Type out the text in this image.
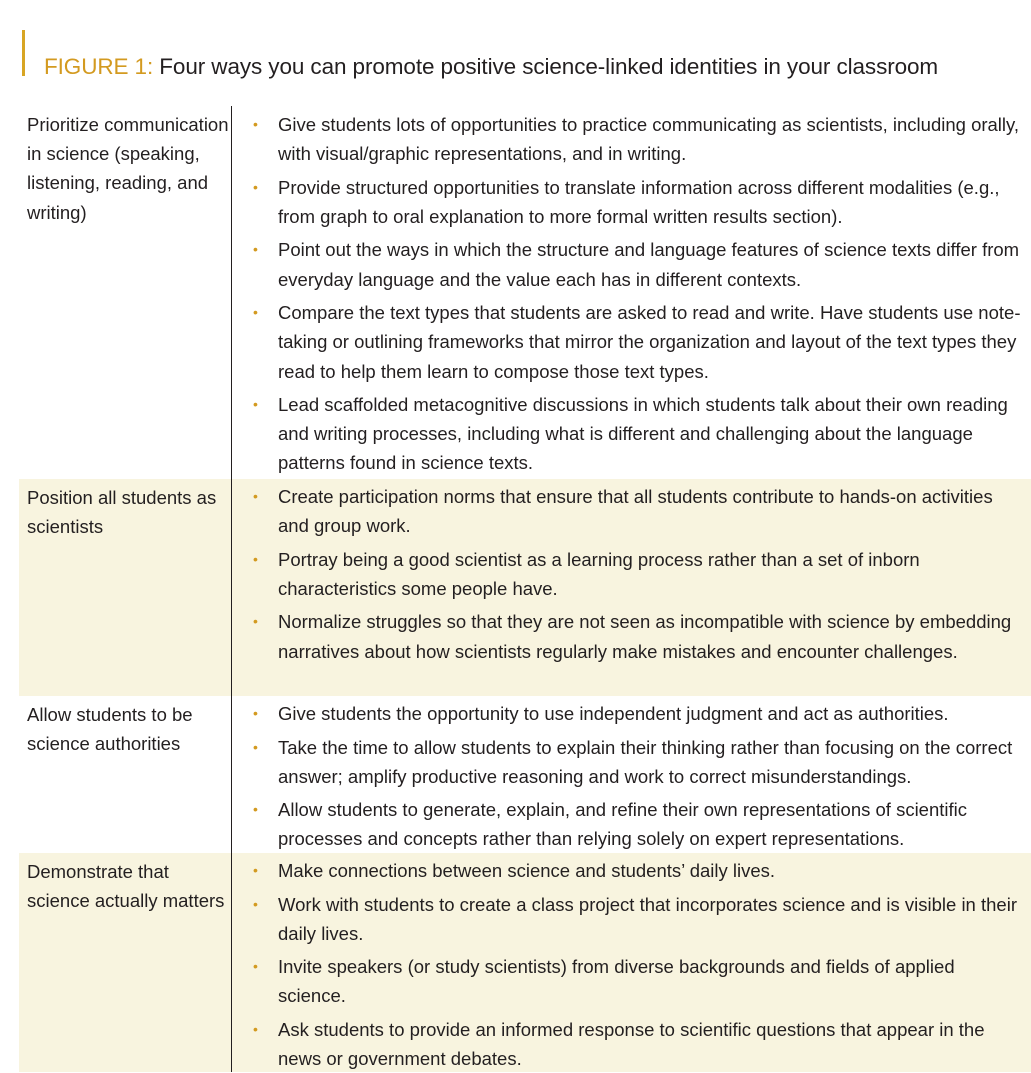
FIGURE 1: Four ways you can promote positive science-linked identities in your classroom
Prioritize communication in science (speaking, listening, reading, and writing)
• Give students lots of opportunities to practice communicating as scientists, including orally, with visual/graphic representations, and in writing.
• Provide structured opportunities to translate information across different modalities (e.g., from graph to oral explanation to more formal written results section).
• Point out the ways in which the structure and language features of science texts differ from everyday language and the value each has in different contexts.
• Compare the text types that students are asked to read and write. Have students use note-taking or outlining frameworks that mirror the organization and layout of the text types they read to help them learn to compose those text types.
• Lead scaffolded metacognitive discussions in which students talk about their own reading and writing processes, including what is different and challenging about the language patterns found in science texts.
Position all students as scientists
• Create participation norms that ensure that all students contribute to hands-on activities and group work.
• Portray being a good scientist as a learning process rather than a set of inborn characteristics some people have.
• Normalize struggles so that they are not seen as incompatible with science by embedding narratives about how scientists regularly make mistakes and encounter challenges.
Allow students to be science authorities
• Give students the opportunity to use independent judgment and act as authorities.
• Take the time to allow students to explain their thinking rather than focusing on the correct answer; amplify productive reasoning and work to correct misunderstandings.
• Allow students to generate, explain, and refine their own representations of scientific processes and concepts rather than relying solely on expert representations.
Demonstrate that science actually matters
• Make connections between science and students’ daily lives.
• Work with students to create a class project that incorporates science and is visible in their daily lives.
• Invite speakers (or study scientists) from diverse backgrounds and fields of applied science.
• Ask students to provide an informed response to scientific questions that appear in the news or government debates.
